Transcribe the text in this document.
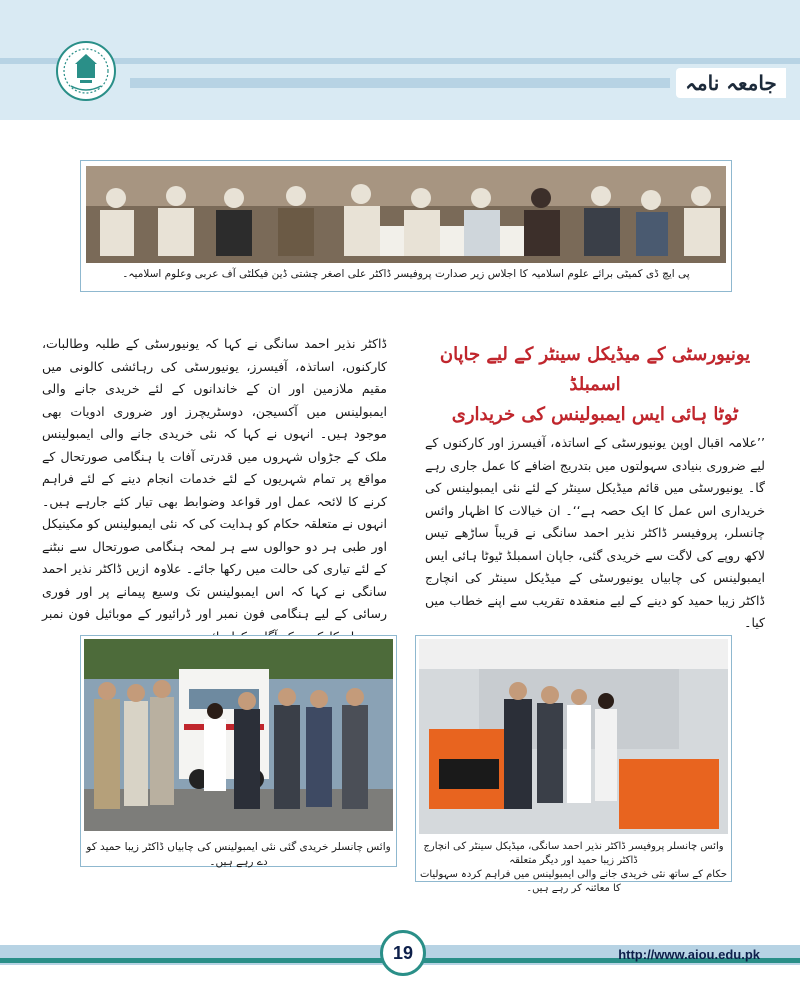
جامعہ نامہ
پی ایچ ڈی کمیٹی برائے علوم اسلامیہ کا اجلاس زیر صدارت پروفیسر ڈاکٹر علی اصغر چشتی ڈین فیکلٹی آف عربی وعلوم اسلامیہ۔
یونیورسٹی کے میڈیکل سینٹر کے لیے جاپان اسمبلڈ
ٹوٹا ہائی ایس ایمبولینس کی خریداری
’’علامہ اقبال اوپن یونیورسٹی کے اساتذہ، آفیسرز اور کارکنوں کے لیے ضروری بنیادی سہولتوں میں بتدریج اضافے کا عمل جاری رہے گا۔ یونیورسٹی میں قائم میڈیکل سینٹر کے لئے نئی ایمبولینس کی خریداری اس عمل کا ایک حصہ ہے‘‘۔ ان خیالات کا اظہار وائس چانسلر، پروفیسر ڈاکٹر نذیر احمد سانگی نے قریباً ساڑھے تیس لاکھ روپے کی لاگت سے خریدی گئی، جاپان اسمبلڈ ٹیوٹا ہائی ایس ایمبولینس کی چابیاں یونیورسٹی کے میڈیکل سینٹر کی انچارج ڈاکٹر زیبا حمید کو دینے کے لیے منعقدہ تقریب سے اپنے خطاب میں کیا۔
ڈاکٹر نذیر احمد سانگی نے کہا کہ یونیورسٹی کے طلبہ وطالبات، کارکنوں، اساتذہ، آفیسرز، یونیورسٹی کی رہائشی کالونی میں مقیم ملازمین اور ان کے خاندانوں کے لئے خریدی جانے والی ایمبولینس میں آکسیجن، دوسٹریچرز اور ضروری ادویات بھی موجود ہیں۔ انہوں نے کہا کہ نئی خریدی جانے والی ایمبولینس ملک کے جڑواں شہروں میں قدرتی آفات یا ہنگامی صورتحال کے مواقع پر تمام شہریوں کے لئے خدمات انجام دینے کے لئے فراہم کرنے کا لائحہ عمل اور قواعد وضوابط بھی تیار کئے جارہے ہیں۔ انہوں نے متعلقہ حکام کو ہدایت کی کہ نئی ایمبولینس کو مکینیکل اور طبی ہر دو حوالوں سے ہر لمحہ ہنگامی صورتحال سے نبٹنے کے لئے تیاری کی حالت میں رکھا جائے۔ علاوہ ازیں ڈاکٹر نذیر احمد سانگی نے کہا کہ اس ایمبولینس تک وسیع پیمانے پر اور فوری رسائی کے لیے ہنگامی فون نمبر اور ڈرائیور کے موبائیل فون نمبر
وائس چانسلر خریدی گئی نئی ایمبولینس کی چابیاں ڈاکٹر زیبا حمید کو دے رہے ہیں۔
وائس چانسلر پروفیسر ڈاکٹر نذیر احمد سانگی، میڈیکل سینٹر کی انچارج ڈاکٹر زیبا حمید اور دیگر متعلقہ
حکام کے ساتھ نئی خریدی جانے والی ایمبولینس میں فراہم کردہ سہولیات کا معائنہ کر رہے ہیں۔
19	http://www.aiou.edu.pk
